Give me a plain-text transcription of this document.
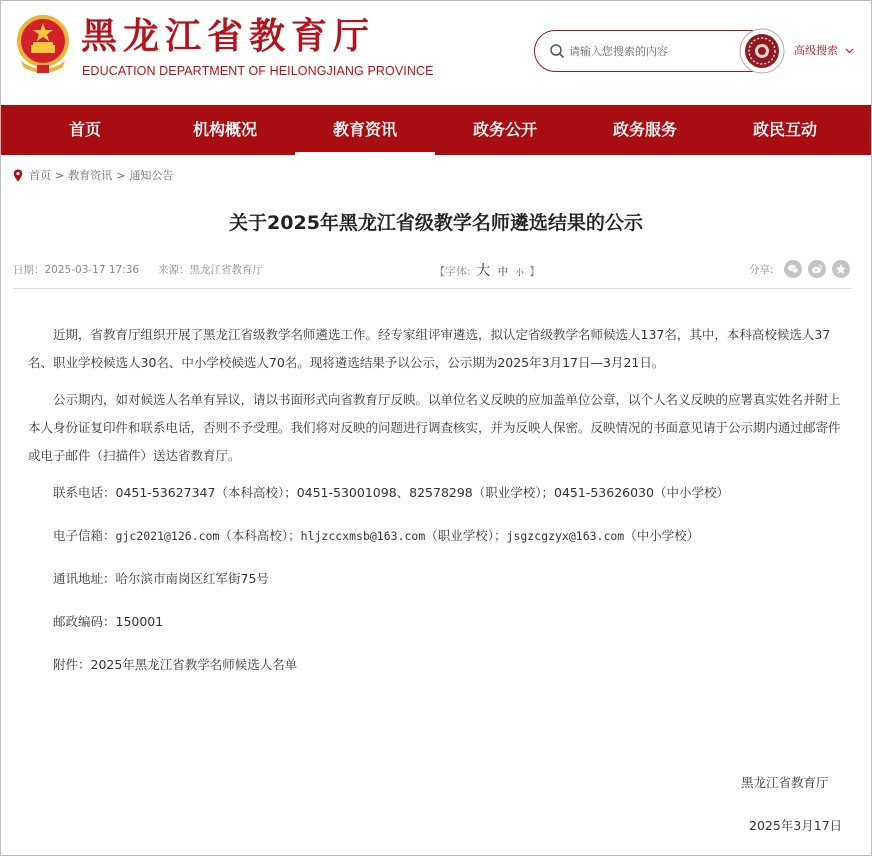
黑龙江省教育厅
EDUCATION DEPARTMENT OF HEILONGJIANG PROVINCE
请输入您搜索的内容
高级搜索
首页	机构概况	教育资讯	政务公开	政务服务	政民互动
首页 > 教育资讯 > 通知公告
关于2025年黑龙江省级教学名师遴选结果的公示
日期：2025-03-17 17:36 来源：黑龙江省教育厅	【字体: 大 中 小 】	分享:

近期，省教育厅组织开展了黑龙江省级教学名师遴选工作。经专家组评审遴选，拟认定省级教学名师候选人137名，其中，本科高校候选人37名、职业学校候选人30名、中小学校候选人70名。现将遴选结果予以公示，公示期为2025年3月17日—3月21日。

公示期内，如对候选人名单有异议，请以书面形式向省教育厅反映。以单位名义反映的应加盖单位公章，以个人名义反映的应署真实姓名并附上本人身份证复印件和联系电话，否则不予受理。我们将对反映的问题进行调查核实，并为反映人保密。反映情况的书面意见请于公示期内通过邮寄件或电子邮件（扫描件）送达省教育厅。

联系电话：0451-53627347（本科高校）；0451-53001098、82578298（职业学校）；0451-53626030（中小学校）

电子信箱：gjc2021@126.com（本科高校）；hljzccxmsb@163.com（职业学校）；jsgzcgzyx@163.com（中小学校）

通讯地址：哈尔滨市南岗区红军街75号

邮政编码：150001

附件：2025年黑龙江省教学名师候选人名单

黑龙江省教育厅
2025年3月17日
